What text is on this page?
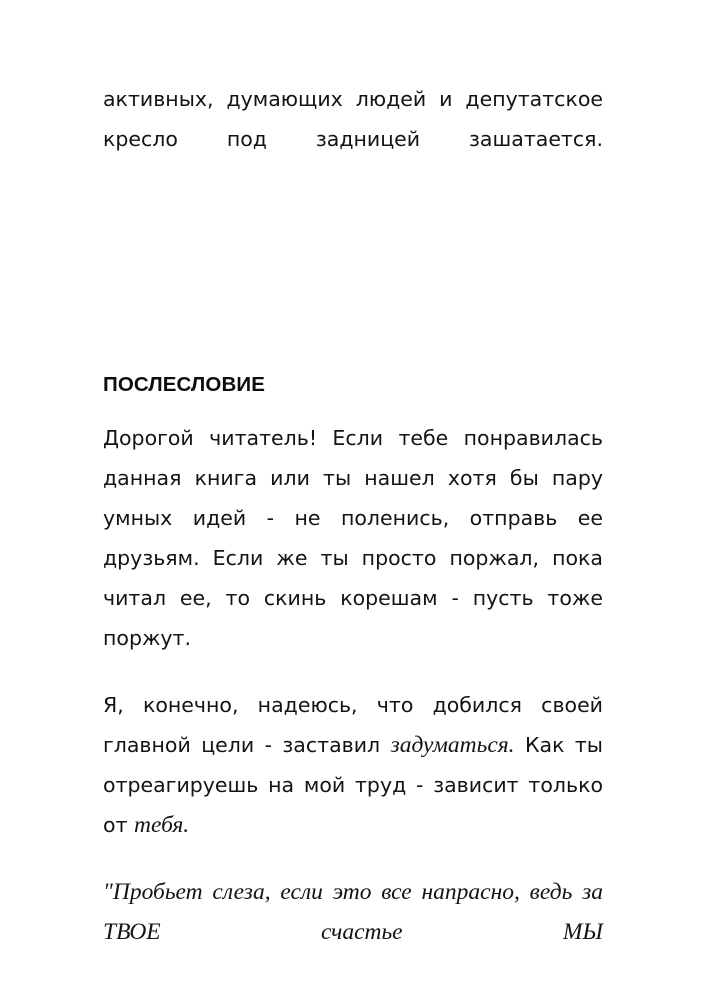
активных, думающих людей и депутатское кресло под задницей зашатается.

ПОСЛЕСЛОВИЕ

Дорогой читатель! Если тебе понравилась данная книга или ты нашел хотя бы пару умных идей - не поленись, отправь ее друзьям. Если же ты просто поржал, пока читал ее, то скинь корешам - пусть тоже поржут.

Я, конечно, надеюсь, что добился своей главной цели - заставил задуматься. Как ты отреагируешь на мой труд - зависит только от тебя.

"Пробьет слеза, если это все напрасно, ведь за ТВОЕ счастье МЫ
